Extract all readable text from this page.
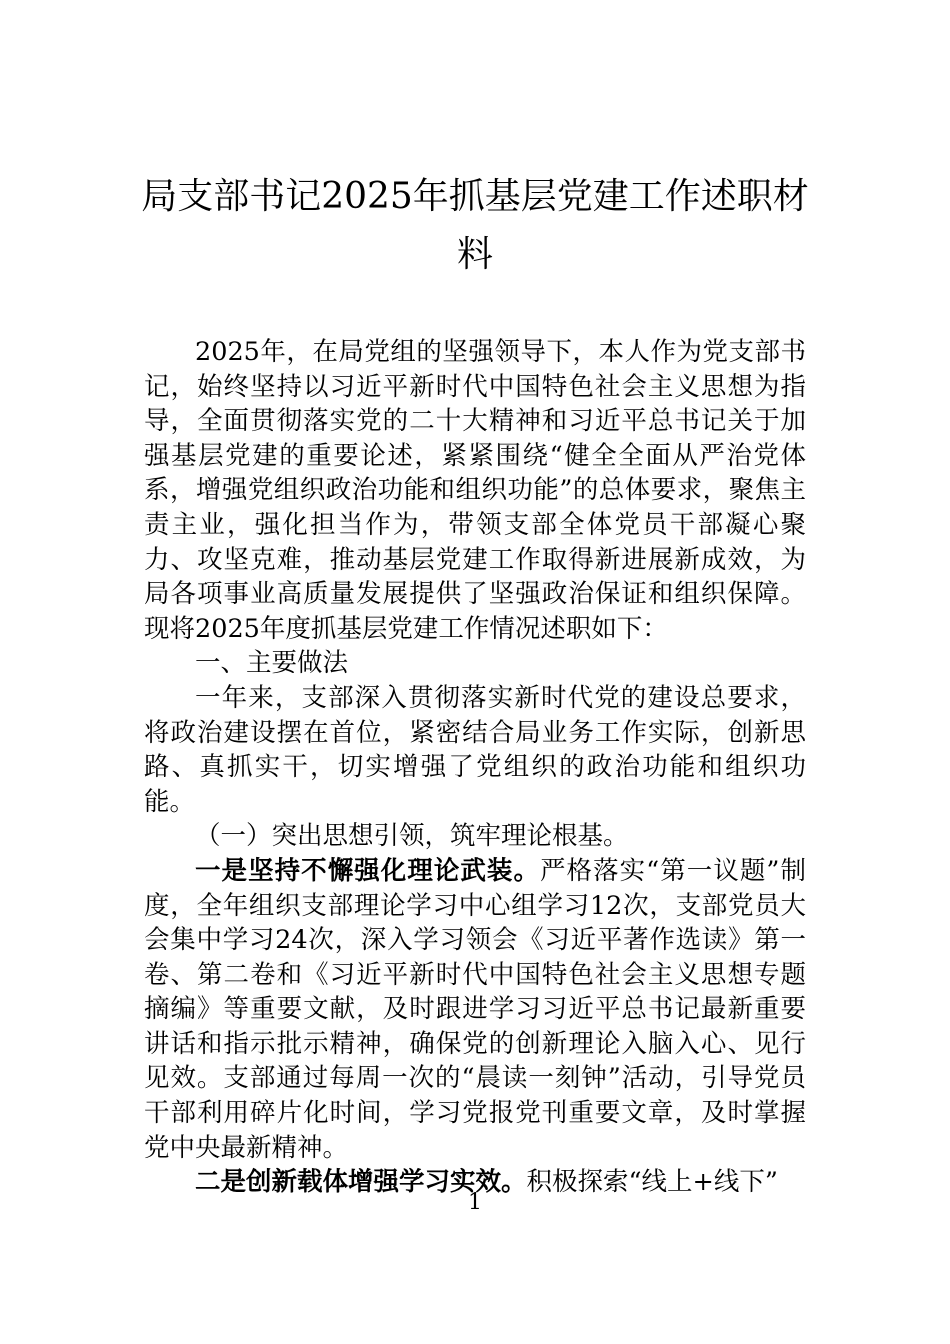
局支部书记2025年抓基层党建工作述职材
料

2025年，在局党组的坚强领导下，本人作为党支部书记，始终坚持以习近平新时代中国特色社会主义思想为指导，全面贯彻落实党的二十大精神和习近平总书记关于加强基层党建的重要论述，紧紧围绕“健全全面从严治党体系，增强党组织政治功能和组织功能”的总体要求，聚焦主责主业，强化担当作为，带领支部全体党员干部凝心聚力、攻坚克难，推动基层党建工作取得新进展新成效，为局各项事业高质量发展提供了坚强政治保证和组织保障。现将2025年度抓基层党建工作情况述职如下：

一、主要做法

一年来，支部深入贯彻落实新时代党的建设总要求，将政治建设摆在首位，紧密结合局业务工作实际，创新思路、真抓实干，切实增强了党组织的政治功能和组织功能。

（一）突出思想引领，筑牢理论根基。

一是坚持不懈强化理论武装。严格落实“第一议题”制度，全年组织支部理论学习中心组学习12次，支部党员大会集中学习24次，深入学习领会《习近平著作选读》第一卷、第二卷和《习近平新时代中国特色社会主义思想专题摘编》等重要文献，及时跟进学习习近平总书记最新重要讲话和指示批示精神，确保党的创新理论入脑入心、见行见效。支部通过每周一次的“晨读一刻钟”活动，引导党员干部利用碎片化时间，学习党报党刊重要文章，及时掌握党中央最新精神。

二是创新载体增强学习实效。积极探索“线上+线下”

1
